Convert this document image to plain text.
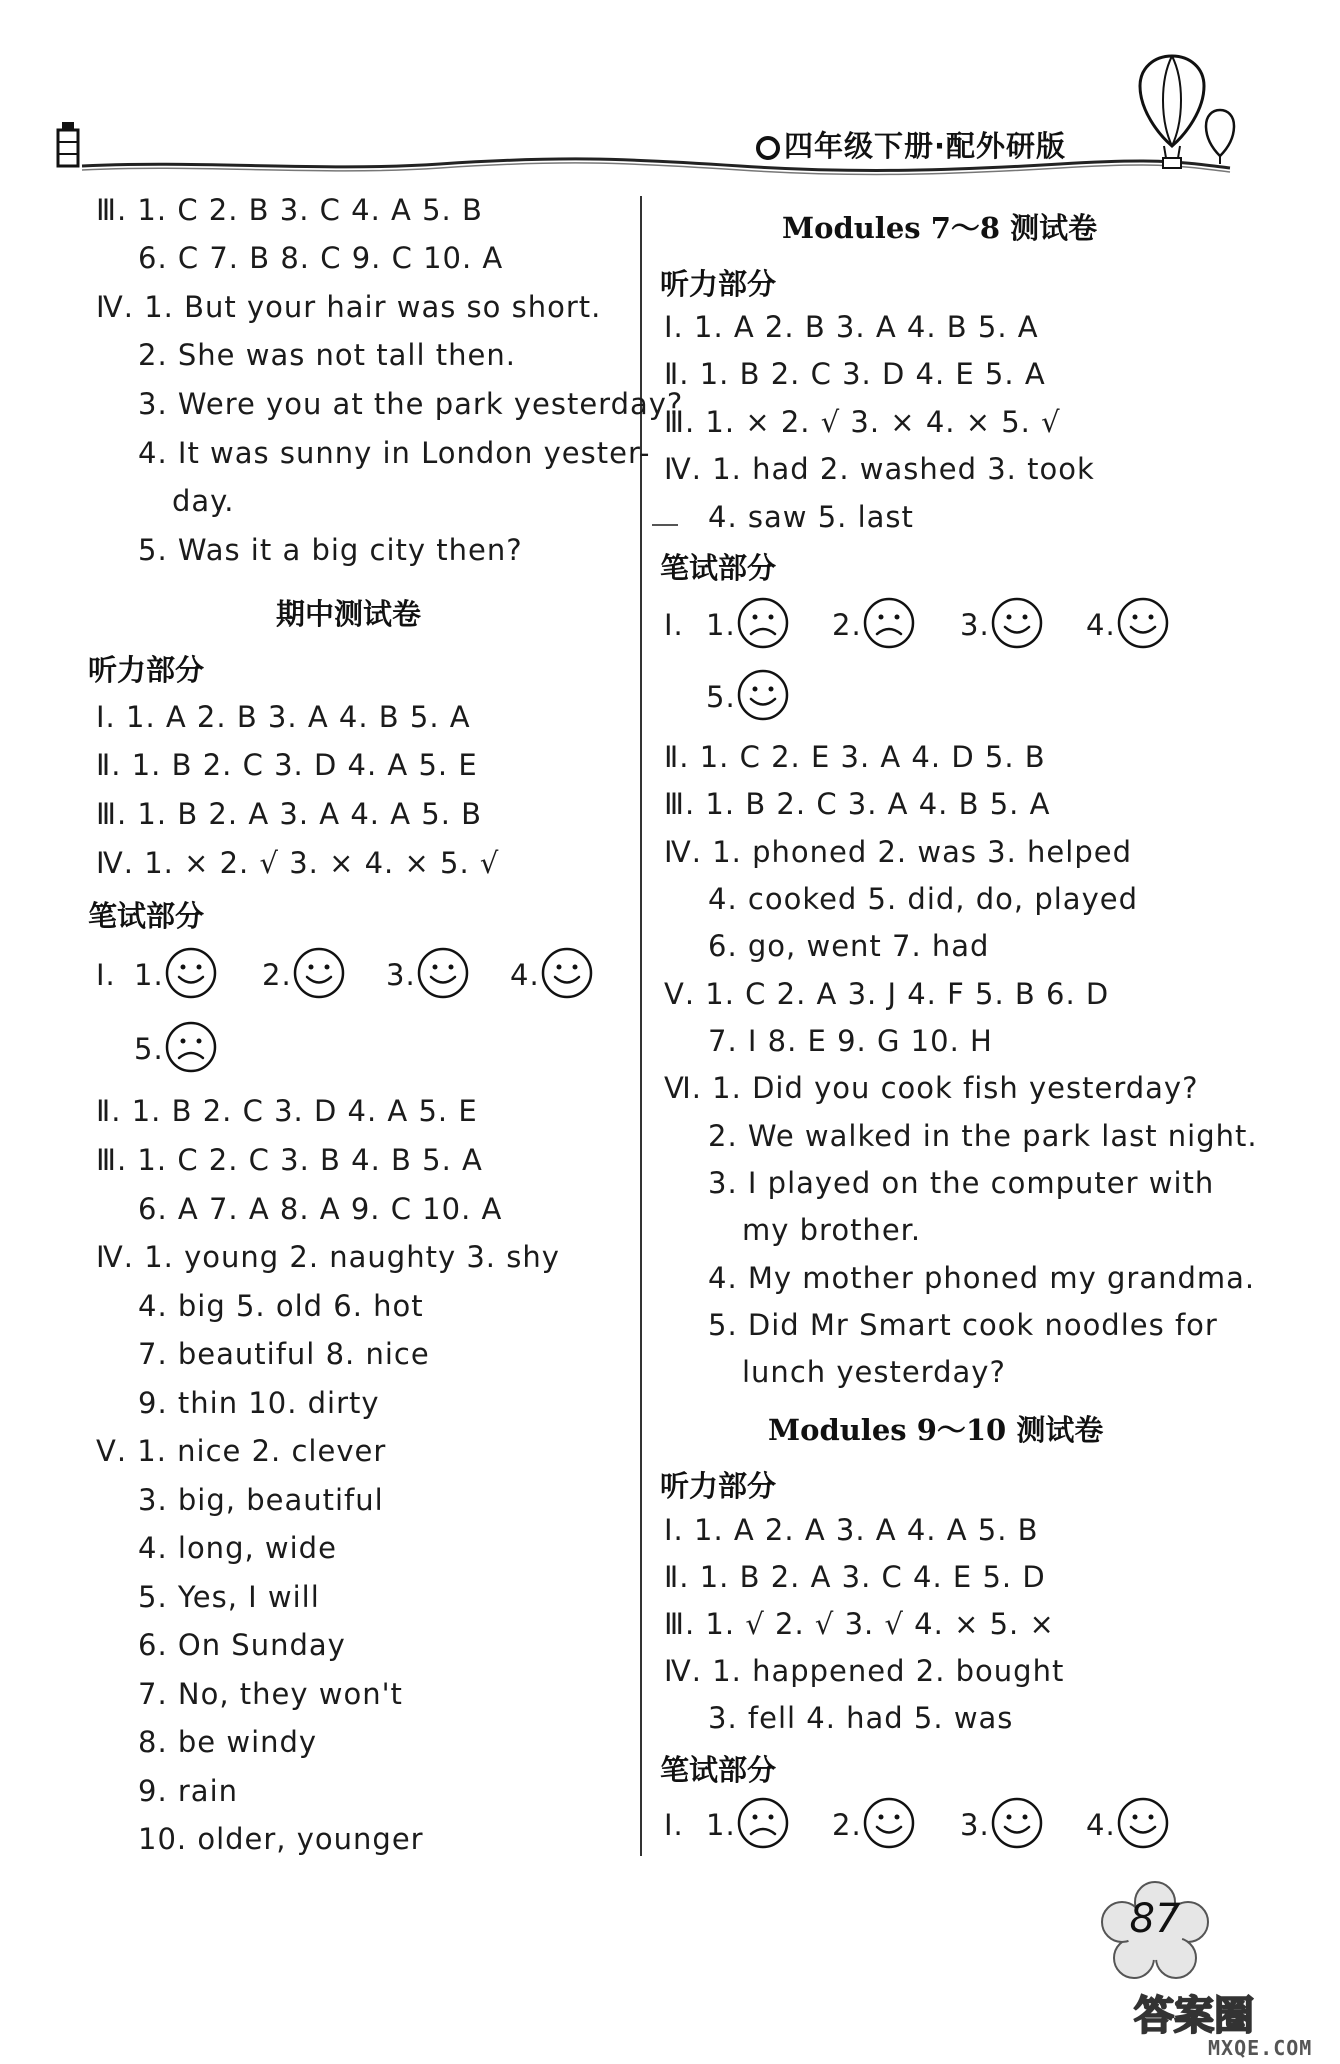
四年级下册·配外研版
Ⅲ. 1. C 2. B 3. C 4. A 5. B
6. C 7. B 8. C 9. C 10. A
Ⅳ. 1. But your hair was so short.
2. She was not tall then.
3. Were you at the park yesterday?
4. It was sunny in London yester-
day.
5. Was it a big city then?
期中测试卷
听力部分
Ⅰ. 1. A 2. B 3. A 4. B 5. A
Ⅱ. 1. B 2. C 3. D 4. A 5. E
Ⅲ. 1. B 2. A 3. A 4. A 5. B
Ⅳ. 1. × 2. √ 3. × 4. × 5. √
笔试部分
Ⅰ. 1.	2.	3.	4.
5.
Ⅱ. 1. B 2. C 3. D 4. A 5. E
Ⅲ. 1. C 2. C 3. B 4. B 5. A
6. A 7. A 8. A 9. C 10. A
Ⅳ. 1. young 2. naughty 3. shy
4. big 5. old 6. hot
7. beautiful 8. nice
9. thin 10. dirty
Ⅴ. 1. nice 2. clever
3. big, beautiful
4. long, wide
5. Yes, I will
6. On Sunday
7. No, they won't
8. be windy
9. rain
10. older, younger
Modules 7～8 测试卷
听力部分
Ⅰ. 1. A 2. B 3. A 4. B 5. A
Ⅱ. 1. B 2. C 3. D 4. E 5. A
Ⅲ. 1. × 2. √ 3. × 4. × 5. √
Ⅳ. 1. had 2. washed 3. took
4. saw 5. last
笔试部分
Ⅰ. 1.	2.	3.	4.
5.
Ⅱ. 1. C 2. E 3. A 4. D 5. B
Ⅲ. 1. B 2. C 3. A 4. B 5. A
Ⅳ. 1. phoned 2. was 3. helped
4. cooked 5. did, do, played
6. go, went 7. had
Ⅴ. 1. C 2. A 3. J 4. F 5. B 6. D
7. I 8. E 9. G 10. H
Ⅵ. 1. Did you cook fish yesterday?
2. We walked in the park last night.
3. I played on the computer with
my brother.
4. My mother phoned my grandma.
5. Did Mr Smart cook noodles for
lunch yesterday?
Modules 9～10 测试卷
听力部分
Ⅰ. 1. A 2. A 3. A 4. A 5. B
Ⅱ. 1. B 2. A 3. C 4. E 5. D
Ⅲ. 1. √ 2. √ 3. √ 4. × 5. ×
Ⅳ. 1. happened 2. bought
3. fell 4. had 5. was
笔试部分
Ⅰ. 1.	2.	3.	4.
87
答案圈
MXQE.COM
